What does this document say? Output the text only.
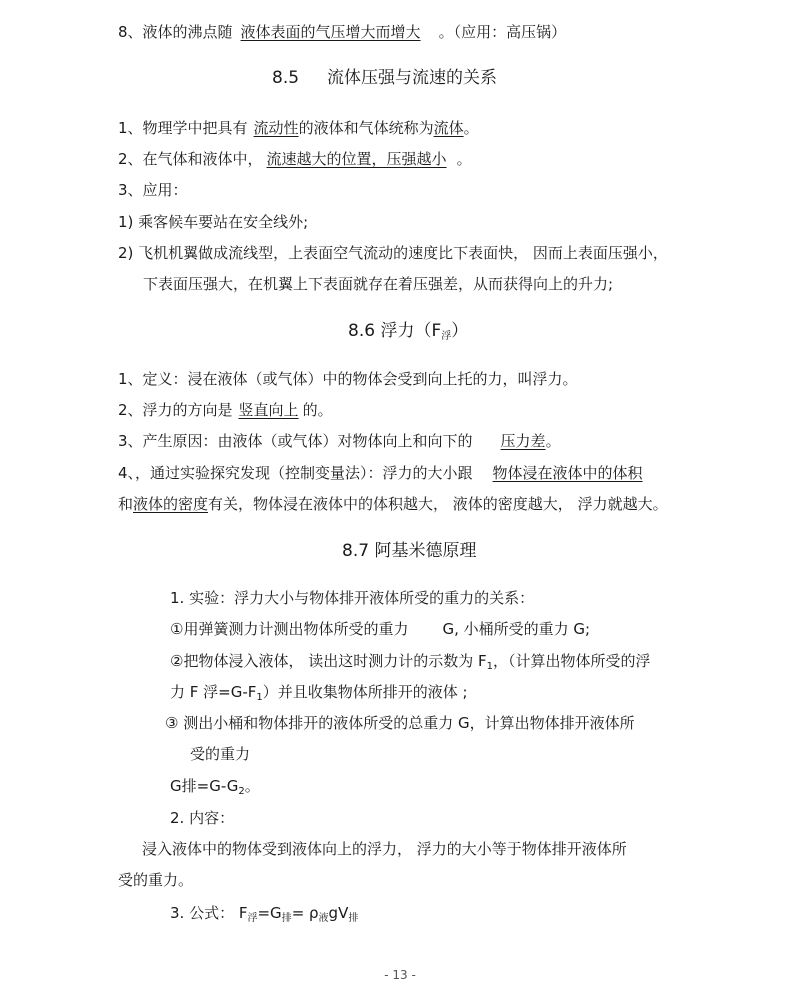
8、液体的沸点随 液体表面的气压增大而增大 。（应用：高压锅）
8.5 流体压强与流速的关系
1、物理学中把具有 流动性的液体和气体统称为流体。
2、在气体和液体中， 流速越大的位置，压强越小 。
3、应用：
1) 乘客候车要站在安全线外;
2) 飞机机翼做成流线型，上表面空气流动的速度比下表面快， 因而上表面压强小，
下表面压强大，在机翼上下表面就存在着压强差，从而获得向上的升力;
8.6 浮力$(F_浮)$
1、定义：浸在液体（或气体）中的物体会受到向上托的力，叫浮力。
2、浮力的方向是 竖直向上 的。
3、产生原因：由液体（或气体）对物体向上和向下的 压力差。
4、，通过实验探究发现（控制变量法）：浮力的大小跟 物体浸在液体中的体积
和液体的密度有关，物体浸在液体中的体积越大， 液体的密度越大， 浮力就越大。
8.7 阿基米德原理
1. 实验：浮力大小与物体排开液体所受的重力的关系：
①用弹簧测力计测出物体所受的重力 G, 小桶所受的重力 G;
②把物体浸入液体， 读出这时测力计的示数为 $F_1$，（计算出物体所受的浮
力 F 浮$=G-F_1$）并且收集物体所排开的液体 ;
③ 测出小桶和物体排开的液体所受的总重力 G，计算出物体排开液体所
受的重力
G排$=G-G_2$。
2. 内容：
浸入液体中的物体受到液体向上的浮力， 浮力的大小等于物体排开液体所
受的重力。
3. 公式： $F_浮=G_排= \rho_液gV_排$
- 13 -
